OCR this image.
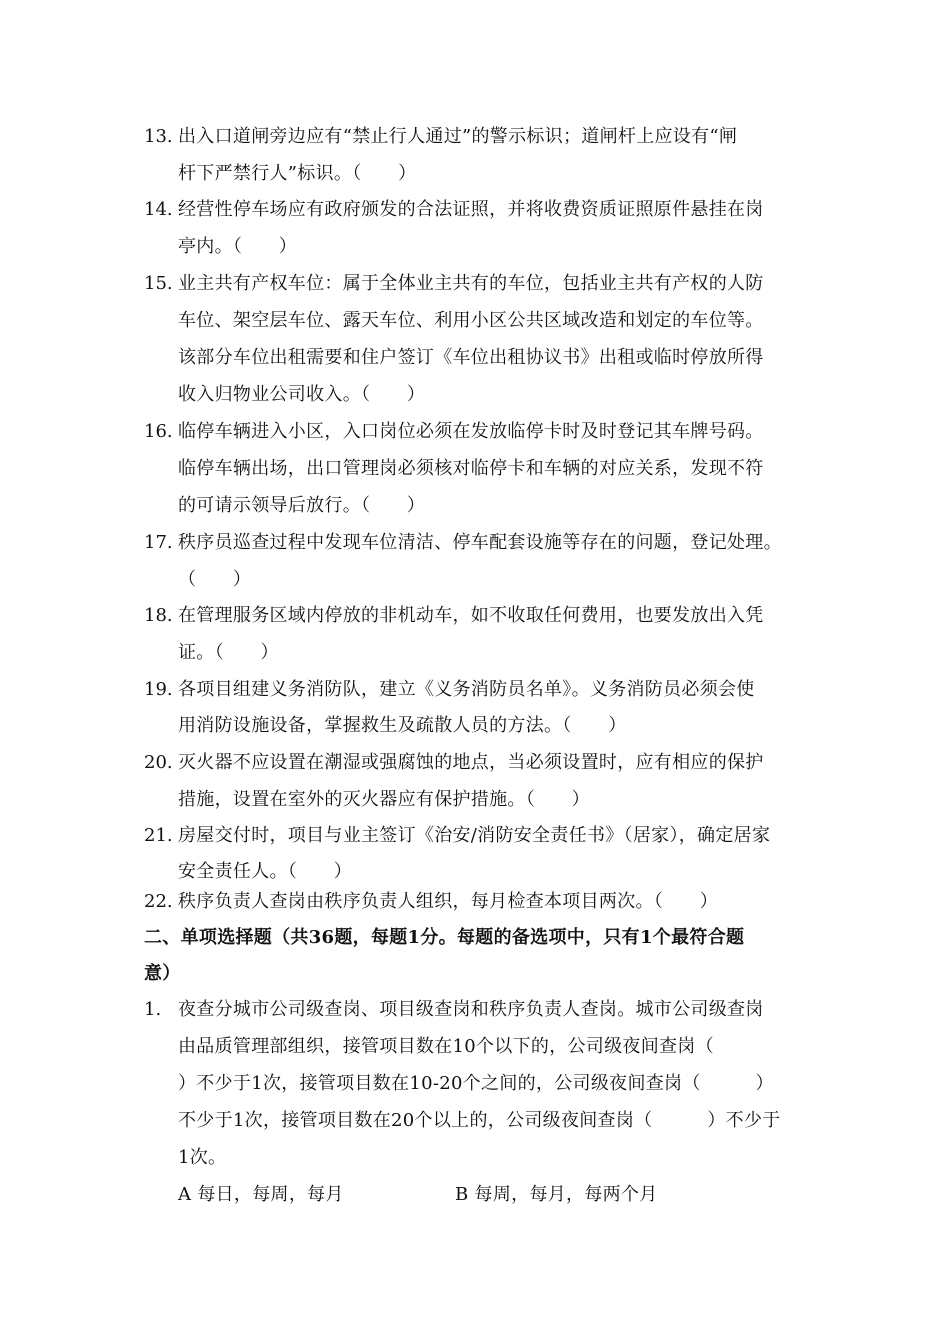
13. 出入口道闸旁边应有“禁止行人通过”的警示标识；道闸杆上应设有“闸
杆下严禁行人”标识。（　　）
14. 经营性停车场应有政府颁发的合法证照，并将收费资质证照原件悬挂在岗
亭内。（　　）
15. 业主共有产权车位：属于全体业主共有的车位，包括业主共有产权的人防
车位、架空层车位、露天车位、利用小区公共区域改造和划定的车位等。
该部分车位出租需要和住户签订《车位出租协议书》出租或临时停放所得
收入归物业公司收入。（　　）
16. 临停车辆进入小区，入口岗位必须在发放临停卡时及时登记其车牌号码。
临停车辆出场，出口管理岗必须核对临停卡和车辆的对应关系，发现不符
的可请示领导后放行。（　　）
17. 秩序员巡查过程中发现车位清洁、停车配套设施等存在的问题，登记处理。
（　　）
18. 在管理服务区域内停放的非机动车，如不收取任何费用，也要发放出入凭
证。（　　）
19. 各项目组建义务消防队，建立《义务消防员名单》。义务消防员必须会使
用消防设施设备，掌握救生及疏散人员的方法。（　　）
20. 灭火器不应设置在潮湿或强腐蚀的地点，当必须设置时，应有相应的保护
措施，设置在室外的灭火器应有保护措施。（　　）
21. 房屋交付时，项目与业主签订《治安/消防安全责任书》（居家），确定居家
安全责任人。（　　）
22. 秩序负责人查岗由秩序负责人组织，每月检查本项目两次。（　　）
二、单项选择题（共36题，每题1分。每题的备选项中，只有1个最符合题
意）
1. 夜查分城市公司级查岗、项目级查岗和秩序负责人查岗。城市公司级查岗
由品质管理部组织，接管项目数在10个以下的，公司级夜间查岗（
）不少于1次，接管项目数在10-20个之间的，公司级夜间查岗（　　　）
不少于1次，接管项目数在20个以上的，公司级夜间查岗（　　　）不少于
1次。
A 每日，每周，每月	B 每周，每月，每两个月
